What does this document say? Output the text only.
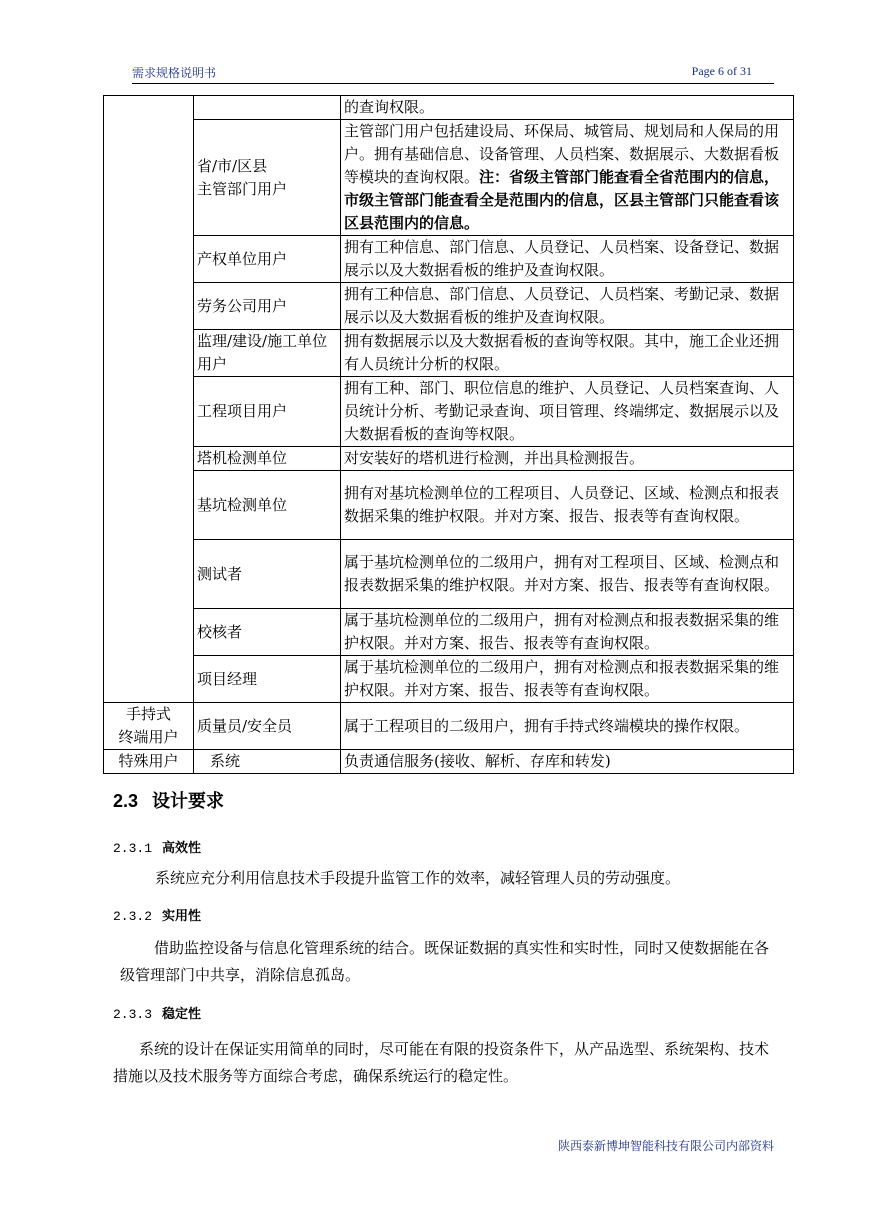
需求规格说明书	Page 6 of 31
		的查询权限。

	省/市/区县
主管部门用户	主管部门用户包括建设局、环保局、城管局、规划局和人保局的用户。拥有基础信息、设备管理、人员档案、数据展示、大数据看板等模块的查询权限。注：省级主管部门能查看全省范围内的信息，市级主管部门能查看全是范围内的信息，区县主管部门只能查看该区县范围内的信息。
	产权单位用户	拥有工种信息、部门信息、人员登记、人员档案、设备登记、数据展示以及大数据看板的维护及查询权限。
	劳务公司用户	拥有工种信息、部门信息、人员登记、人员档案、考勤记录、数据展示以及大数据看板的维护及查询权限。
	监理/建设/施工单位用户	拥有数据展示以及大数据看板的查询等权限。其中，施工企业还拥有人员统计分析的权限。
	工程项目用户	拥有工种、部门、职位信息的维护、人员登记、人员档案查询、人员统计分析、考勤记录查询、项目管理、终端绑定、数据展示以及大数据看板的查询等权限。
	塔机检测单位	对安装好的塔机进行检测，并出具检测报告。
	基坑检测单位	拥有对基坑检测单位的工程项目、人员登记、区域、检测点和报表数据采集的维护权限。并对方案、报告、报表等有查询权限。
	测试者	属于基坑检测单位的二级用户，拥有对工程项目、区域、检测点和报表数据采集的维护权限。并对方案、报告、报表等有查询权限。
	校核者	属于基坑检测单位的二级用户，拥有对检测点和报表数据采集的维护权限。并对方案、报告、报表等有查询权限。
	项目经理	属于基坑检测单位的二级用户，拥有对检测点和报表数据采集的维护权限。并对方案、报告、报表等有查询权限。

手持式
终端用户	质量员/安全员	属于工程项目的二级用户，拥有手持式终端模块的操作权限。
特殊用户	系统	负责通信服务(接收、解析、存库和转发)
2.3 设计要求
2.3.1 高效性

系统应充分利用信息技术手段提升监管工作的效率，减轻管理人员的劳动强度。

2.3.2 实用性

借助监控设备与信息化管理系统的结合。既保证数据的真实性和实时性，同时又使数据能在各级管理部门中共享，消除信息孤岛。

2.3.3 稳定性

系统的设计在保证实用简单的同时，尽可能在有限的投资条件下，从产品选型、系统架构、技术措施以及技术服务等方面综合考虑，确保系统运行的稳定性。

陕西泰新博坤智能科技有限公司内部资料
